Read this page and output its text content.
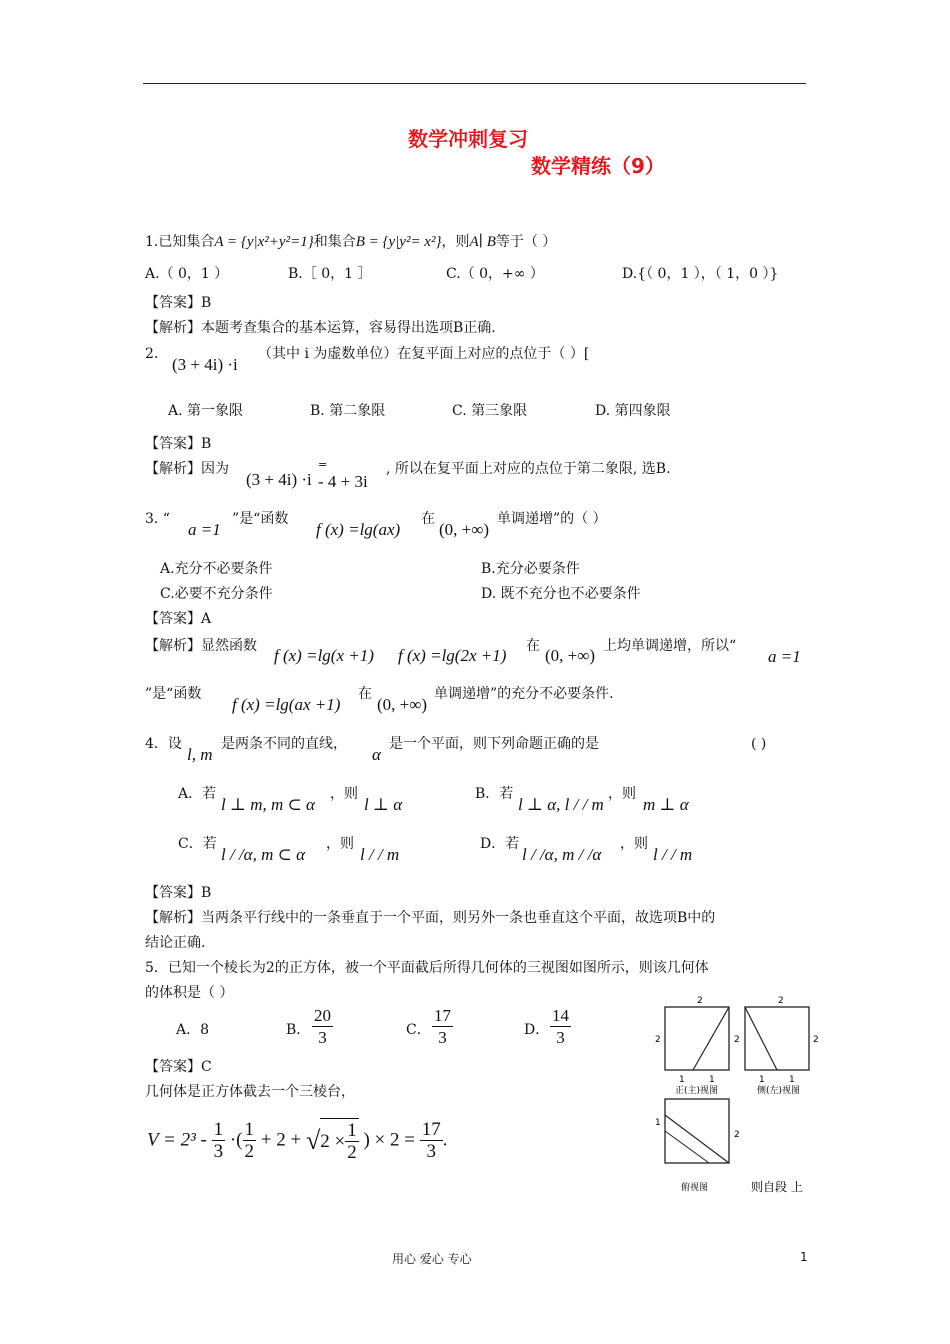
数学冲刺复习
数学精练（9）
1.已知集合A = {y|x²+y²=1}和集合B = {y|y²= x²}，则A∣ B等于（ ）
A.（ 0，1 ）	B.［ 0，1 ］	C.（ 0，+∞ ）	D.{（ 0，1 ），（ 1，0 ）}
【答案】B
【解析】本题考查集合的基本运算，容易得出选项B正确.
2.
(3 + 4i) ·i
（其中 i 为虚数单位）在复平面上对应的点位于（ ）[
A. 第一象限	B. 第二象限	C. 第三象限	D. 第四象限
【答案】B
【解析】因为
(3 + 4i) ·i
=
- 4 + 3i
, 所以在复平面上对应的点位于第二象限, 选B.
3. “
a =1
”是“函数
f (x) =lg(ax)
在
(0, +∞)
单调递增”的（ ）
A.充分不必要条件	B.充分必要条件
C.必要不充分条件	D. 既不充分也不必要条件
【答案】A
【解析】显然函数 f (x) =lg(x +1) f (x) =lg(2x +1) 在 (0, +∞) 上均单调递增，所以“
a =1
”是“函数
f (x) =lg(ax +1)
在
(0, +∞)
单调递增”的充分不必要条件.
4．设
l, m
是两条不同的直线，
α
是一个平面，则下列命题正确的是	( )
A．若
l ⊥ m, m ⊂ α
，则
l ⊥ α
B．若
l ⊥ α, l / / m
，则
m ⊥ α
C．若
l / /α, m ⊂ α
，则
l / / m
D．若
l / /α, m / /α
，则
l / / m
【答案】B
【解析】当两条平行线中的一条垂直于一个平面，则另外一条也垂直这个平面，故选项B中的
结论正确.
5．已知一个棱长为2的正方体，被一个平面截后所得几何体的三视图如图所示，则该几何体
的体积是（ ）
A．8	B． $\frac{20}{3}$	C． $\frac{17}{3}$	D． $\frac{14}{3}$
【答案】C
几何体是正方体截去一个三棱台，
$V = 2^3 - \frac{1}{3}$ ·( $\frac{1}{2} + 2 + √2 \times \frac{1}{2}$ ) × $2 = \frac{17}{3}$ .
2	2
2	2	2
1	1	1	1
正(主)视图	侧(左)视图
1
2
俯视图	则自段 上
用心 爱心 专心	1
